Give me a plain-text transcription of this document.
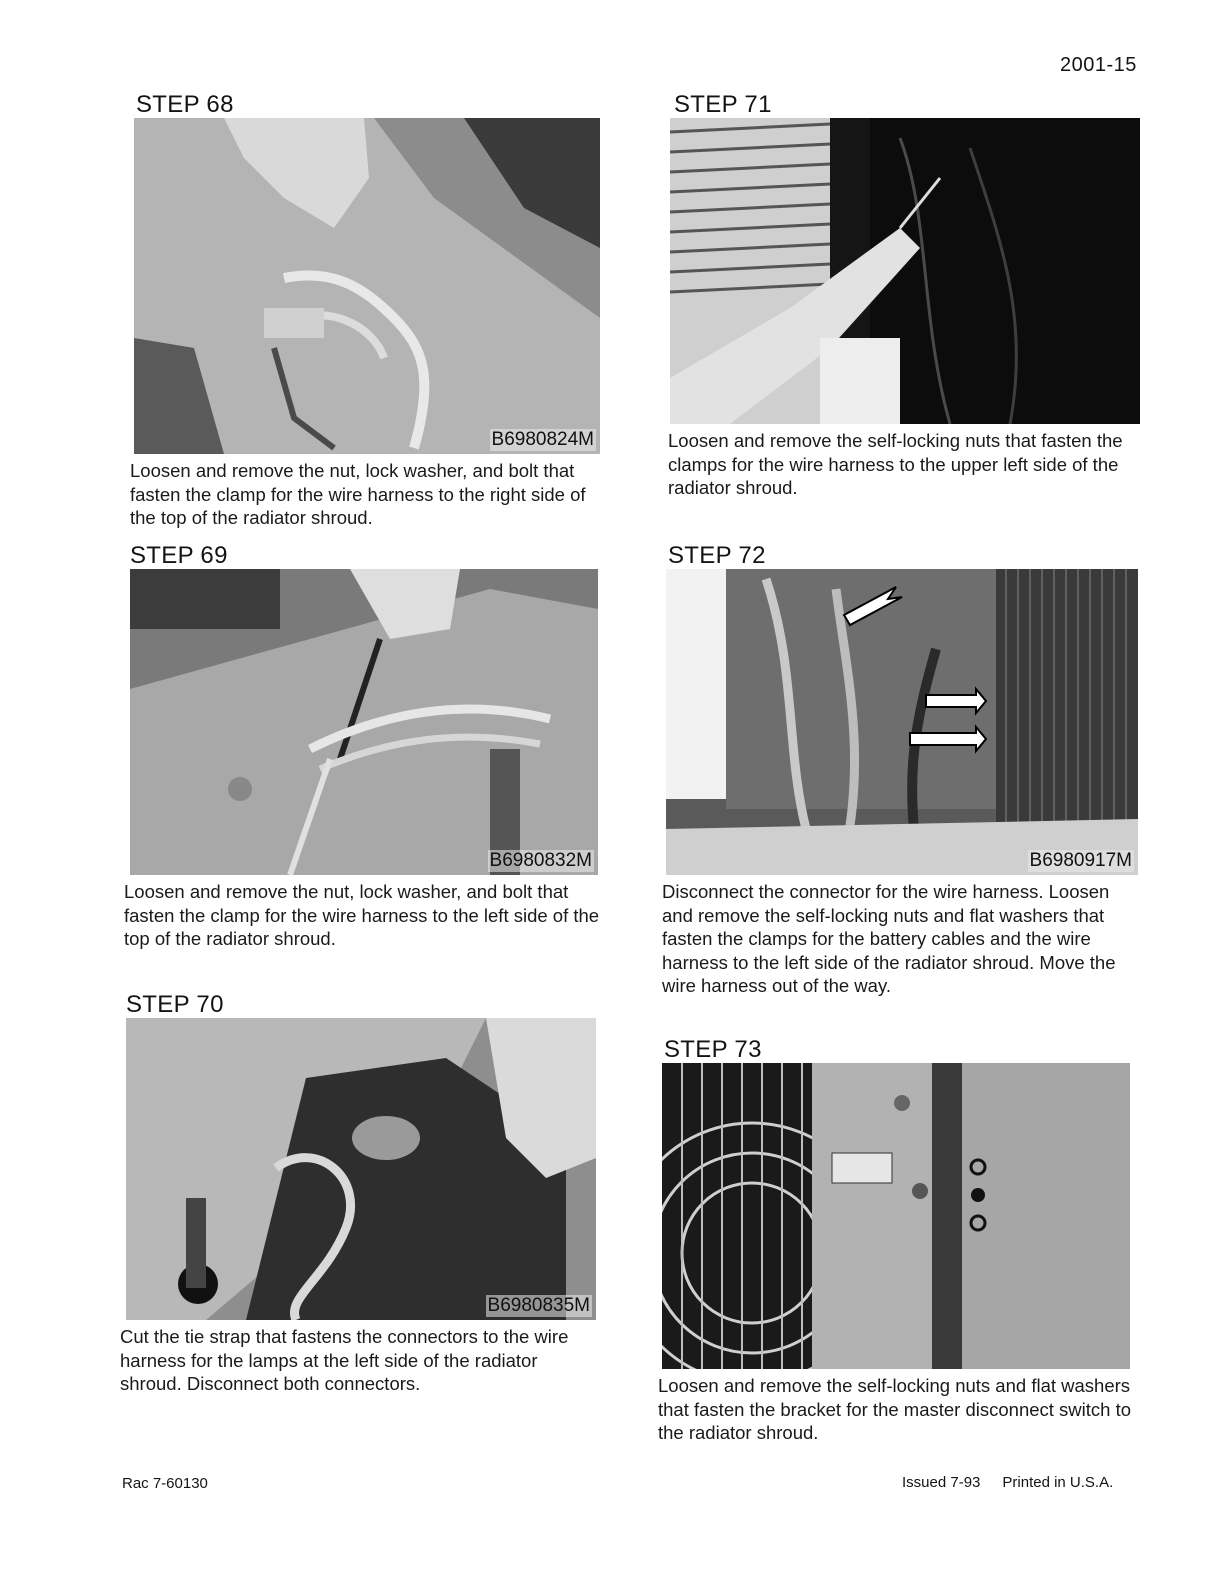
2001-15
STEP 68
B6980824M
Loosen and remove the nut, lock washer, and bolt that fasten the clamp for the wire harness to the right side of the top of the radiator shroud.
STEP 69
B6980832M
Loosen and remove the nut, lock washer, and bolt that fasten the clamp for the wire harness to the left side of the top of the radiator shroud.
STEP 70
B6980835M
Cut the tie strap that fastens the connectors to the wire harness for the lamps at the left side of the radiator shroud. Disconnect both connectors.
STEP 71
Loosen and remove the self-locking nuts that fasten the clamps for the wire harness to the upper left side of the radiator shroud.
STEP 72
B6980917M
Disconnect the connector for the wire harness. Loosen and remove the self-locking nuts and flat washers that fasten the clamps for the battery cables and the wire harness to the left side of the radiator shroud. Move the wire harness out of the way.
STEP 73
Loosen and remove the self-locking nuts and flat washers that fasten the bracket for the master disconnect switch to the radiator shroud.
Rac 7-60130	Issued 7-93 Printed in U.S.A.
